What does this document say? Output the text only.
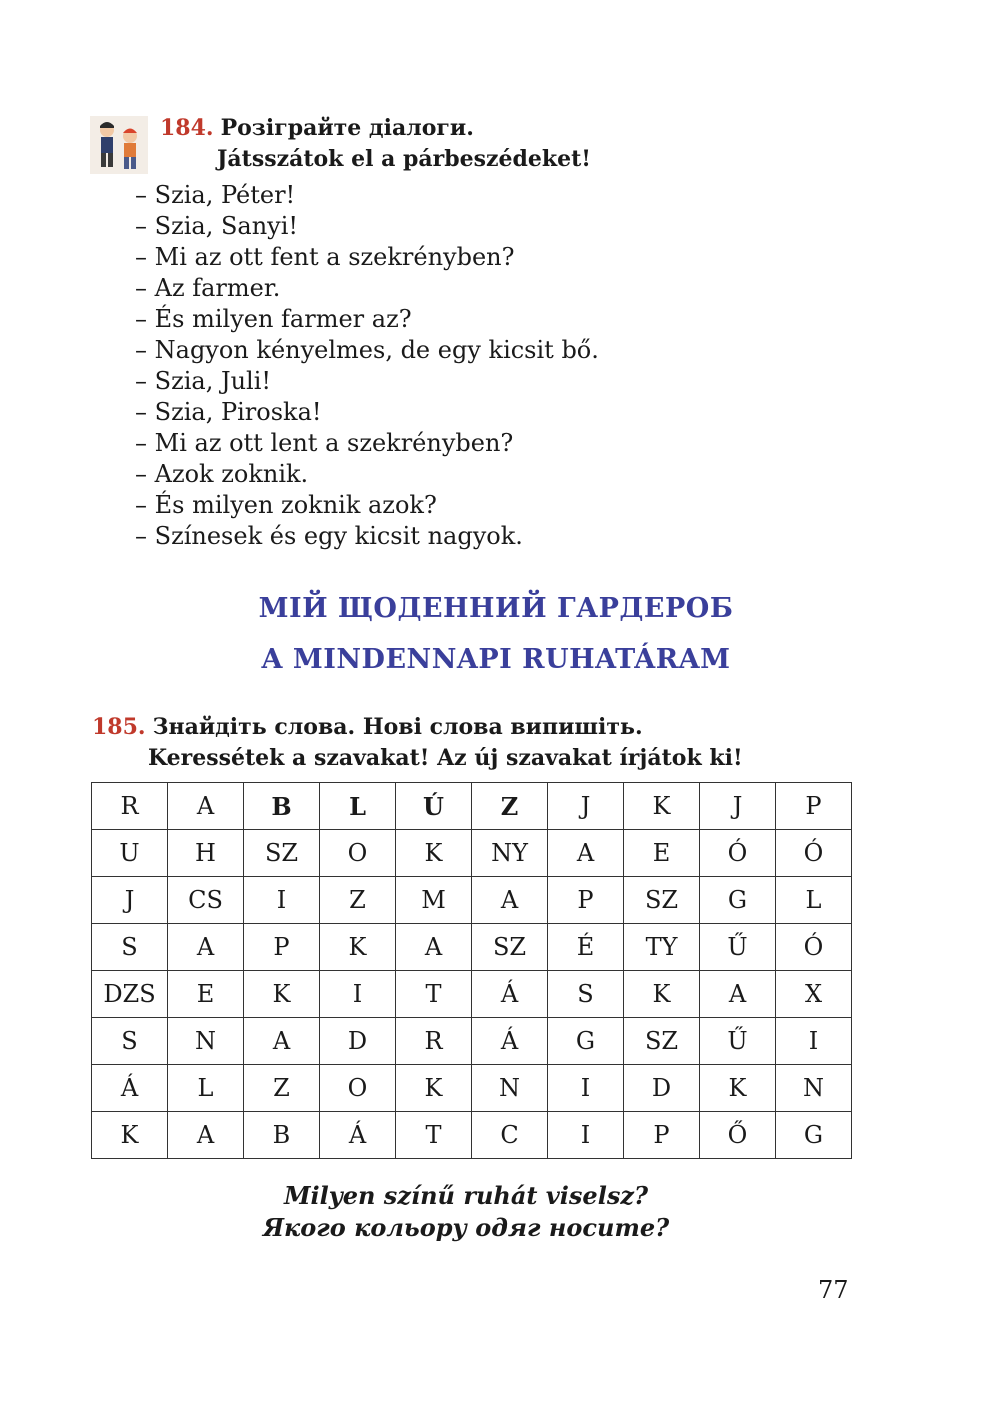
184. Розіграйте діалоги.
Játsszátok el a párbeszédeket!
– Szia, Péter!
– Szia, Sanyi!
– Mi az ott fent a szekrényben?
– Az farmer.
– És milyen farmer az?
– Nagyon kényelmes, de egy kicsit bő.
– Szia, Juli!
– Szia, Piroska!
– Mi az ott lent a szekrényben?
– Azok zoknik.
– És milyen zoknik azok?
– Színesek és egy kicsit nagyok.
МІЙ ЩОДЕННИЙ ГАРДЕРОБ
A MINDENNAPI RUHATÁRAM
185. Знайдіть слова. Нові слова випишіть.
Keressétek a szavakat! Az új szavakat írjátok ki!
R	A	B	L	Ú	Z	J	K	J	P
U	H	SZ	O	K	NY	A	E	Ó	Ó
J	CS	I	Z	M	A	P	SZ	G	L
S	A	P	K	A	SZ	É	TY	Ű	Ó
DZS	E	K	I	T	Á	S	K	A	X
S	N	A	D	R	Á	G	SZ	Ű	I
Á	L	Z	O	K	N	I	D	K	N
K	A	B	Á	T	C	I	P	Ő	G
Milyen színű ruhát viselsz?
Якого кольору одяг носите?
77
